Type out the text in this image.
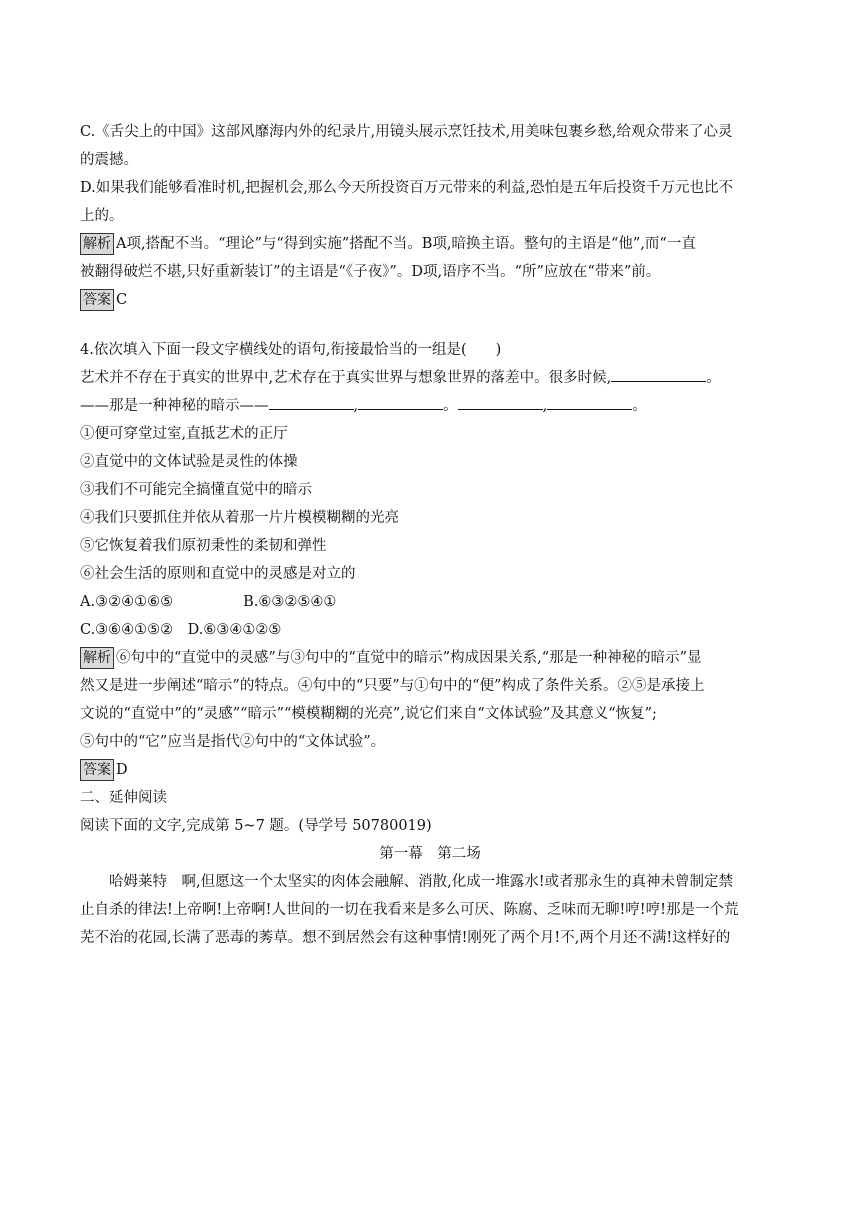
C.《舌尖上的中国》这部风靡海内外的纪录片,用镜头展示烹饪技术,用美味包裹乡愁,给观众带来了心灵
的震撼。
D.如果我们能够看准时机,把握机会,那么今天所投资百万元带来的利益,恐怕是五年后投资千万元也比不
上的。
解析 A项,搭配不当。“理论”与“得到实施”搭配不当。B项,暗换主语。整句的主语是“他”,而“一直
被翻得破烂不堪,只好重新装订”的主语是“《子夜》”。D项,语序不当。“所”应放在“带来”前。
答案 C
4.依次填入下面一段文字横线处的语句,衔接最恰当的一组是(　　)
艺术并不存在于真实的世界中,艺术存在于真实世界与想象世界的落差中。很多时候,	。
——那是一种神秘的暗示——	,	。	,	。
①便可穿堂过室,直抵艺术的正厅
②直觉中的文体试验是灵性的体操
③我们不可能完全搞懂直觉中的暗示
④我们只要抓住并依从着那一片片模模糊糊的光亮
⑤它恢复着我们原初秉性的柔韧和弹性
⑥社会生活的原则和直觉中的灵感是对立的
A.③②④①⑥⑤	B.⑥③②⑤④①
C.③⑥④①⑤②　D.⑥③④①②⑤
解析 ⑥句中的“直觉中的灵感”与③句中的“直觉中的暗示”构成因果关系,“那是一种神秘的暗示”显
然又是进一步阐述“暗示”的特点。④句中的“只要”与①句中的“便”构成了条件关系。②⑤是承接上
文说的“直觉中”的“灵感”“暗示”“模模糊糊的光亮”,说它们来自“文体试验”及其意义“恢复”;
⑤句中的“它”应当是指代②句中的“文体试验”。
答案 D
二、延伸阅读
阅读下面的文字,完成第 5~7 题。(导学号 50780019)
第一幕　第二场
哈姆莱特　啊,但愿这一个太坚实的肉体会融解、消散,化成一堆露水!或者那永生的真神未曾制定禁
止自杀的律法!上帝啊!上帝啊!人世间的一切在我看来是多么可厌、陈腐、乏味而无聊!哼!哼!那是一个荒
芜不治的花园,长满了恶毒的莠草。想不到居然会有这种事情!刚死了两个月!不,两个月还不满!这样好的
